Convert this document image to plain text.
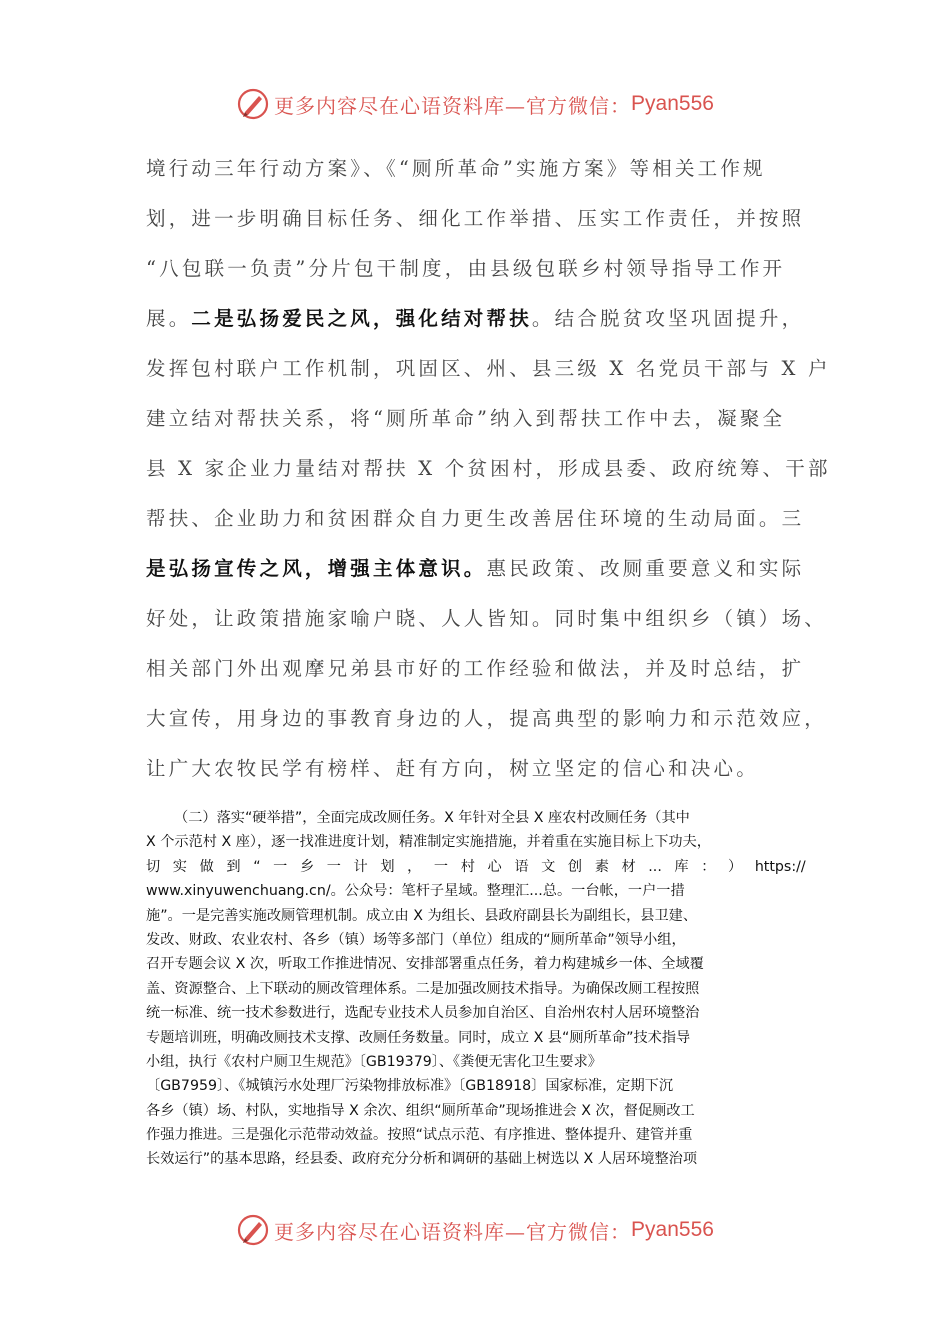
更多内容尽在心语资料库—官方微信： Pyan556
境行动三年行动方案》、《“厕所革命”实施方案》等相关工作规
划，进一步明确目标任务、细化工作举措、压实工作责任，并按照
“八包联一负责”分片包干制度，由县级包联乡村领导指导工作开
展。二是弘扬爱民之风，强化结对帮扶。结合脱贫攻坚巩固提升，
发挥包村联户工作机制，巩固区、州、县三级 X 名党员干部与 X 户
建立结对帮扶关系，将“厕所革命”纳入到帮扶工作中去，凝聚全
县 X 家企业力量结对帮扶 X 个贫困村，形成县委、政府统筹、干部
帮扶、企业助力和贫困群众自力更生改善居住环境的生动局面。三
是弘扬宣传之风，增强主体意识。惠民政策、改厕重要意义和实际
好处，让政策措施家喻户晓、人人皆知。同时集中组织乡（镇）场、
相关部门外出观摩兄弟县市好的工作经验和做法，并及时总结，扩
大宣传，用身边的事教育身边的人，提高典型的影响力和示范效应，
让广大农牧民学有榜样、赶有方向，树立坚定的信心和决心。
（二）落实“硬举措”，全面完成改厕任务。X 年针对全县 X 座农村改厕任务（其中
X 个示范村 X 座），逐一找准进度计划，精准制定实施措施，并着重在实施目标上下功夫，
切 实 做 到 “ 一 乡 一 计 划 ， 一 村 心 语 文 创 素 材 ... 库 ： ） https://
www.xinyuwenchuang.cn/。公众号：笔杆子星域。整理汇...总。一台帐，一户一措
施”。一是完善实施改厕管理机制。成立由 X 为组长、县政府副县长为副组长，县卫建、
发改、财政、农业农村、各乡（镇）场等多部门（单位）组成的“厕所革命”领导小组，
召开专题会议 X 次，听取工作推进情况、安排部署重点任务，着力构建城乡一体、全域覆
盖、资源整合、上下联动的厕改管理体系。二是加强改厕技术指导。为确保改厕工程按照
统一标准、统一技术参数进行，选配专业技术人员参加自治区、自治州农村人居环境整治
专题培训班，明确改厕技术支撑、改厕任务数量。同时，成立 X 县“厕所革命”技术指导
小组，执行《农村户厕卫生规范》〔GB19379〕、《粪便无害化卫生要求》
〔GB7959〕、《城镇污水处理厂污染物排放标准》〔GB18918〕国家标准，定期下沉
各乡（镇）场、村队，实地指导 X 余次、组织“厕所革命”现场推进会 X 次，督促厕改工
作强力推进。三是强化示范带动效益。按照“试点示范、有序推进、整体提升、建管并重
长效运行”的基本思路，经县委、政府充分分析和调研的基础上树选以 X 人居环境整治项
更多内容尽在心语资料库—官方微信： Pyan556
